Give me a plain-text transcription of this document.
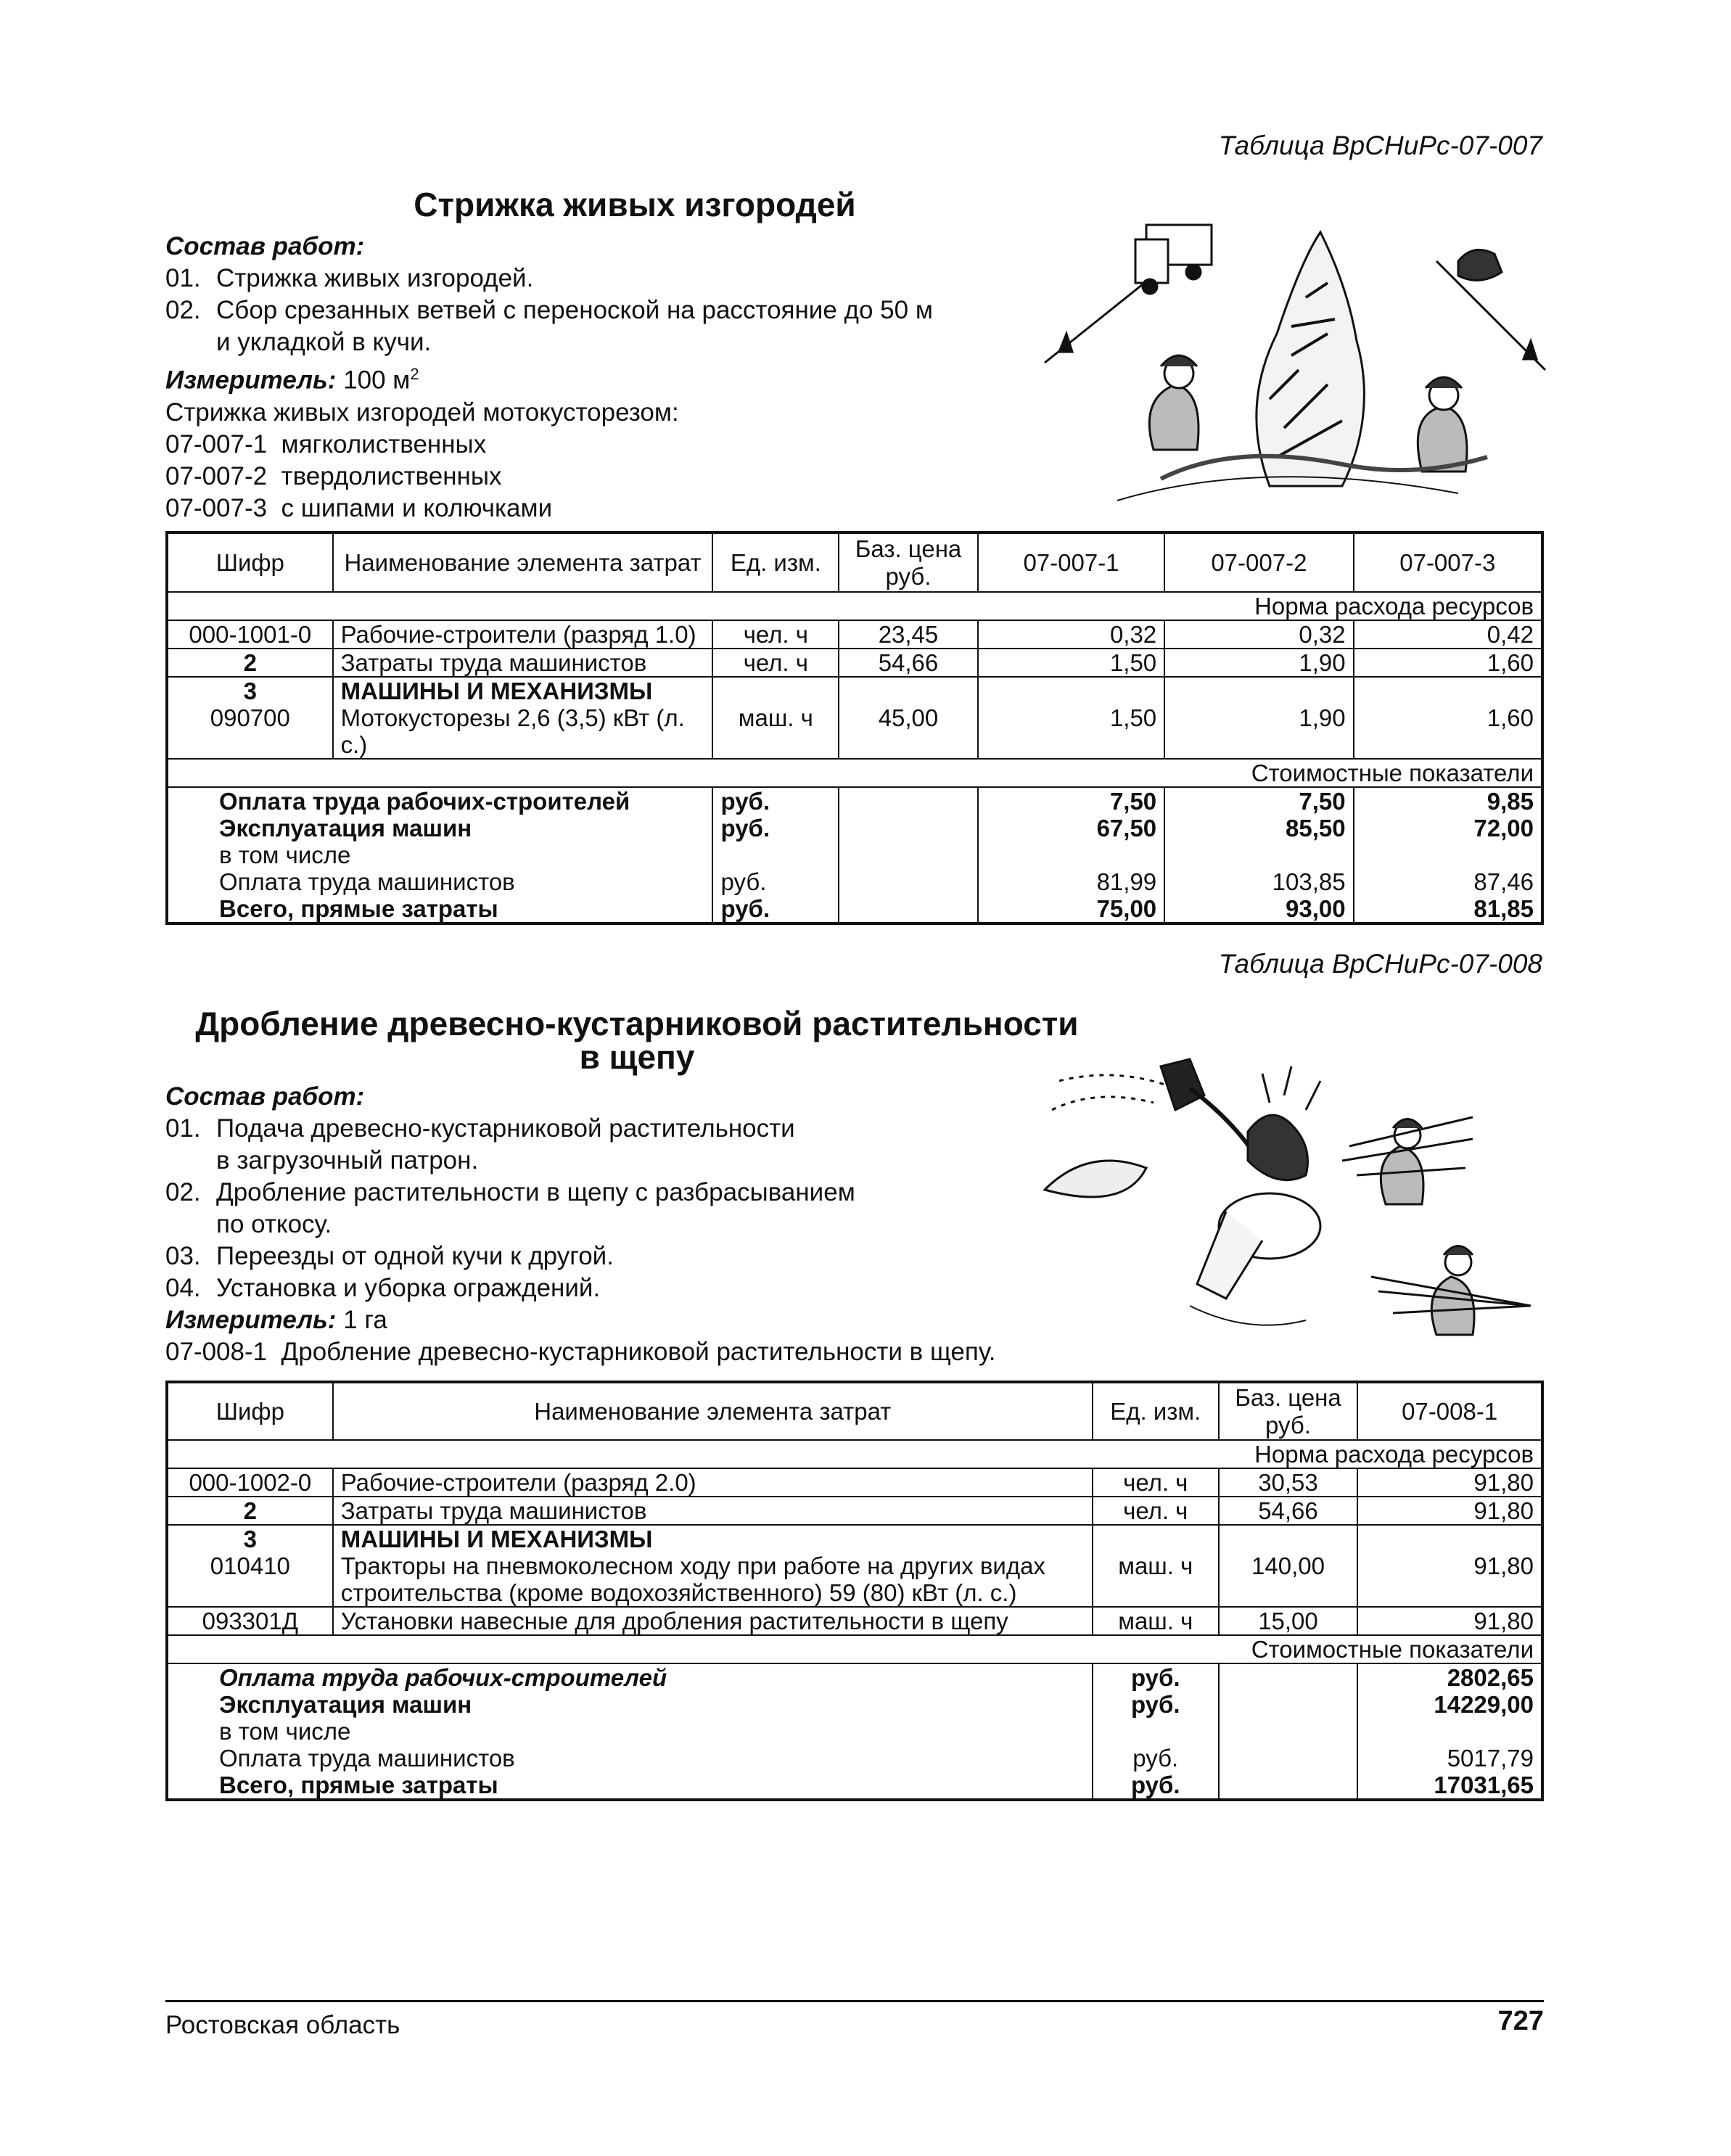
Таблица ВрСНиРс-07-007
Стрижка живых изгородей
Состав работ:
01. Стрижка живых изгородей.
02. Сбор срезанных ветвей с переноской на расстояние до 50 м
и укладкой в кучи.
Измеритель: 100 $м^2$
Стрижка живых изгородей мотокусторезом:
07-007-1  мягколиственных
07-007-2  твердолиственных
07-007-3  с шипами и колючками
Шифр	Наименование элемента затрат	Ед. изм.	Баз. цена руб.	07-007-1	07-007-2	07-007-3
Норма расхода ресурсов						
000-1001-0	Рабочие-строители (разряд 1.0)	чел. ч	23,45	0,32	0,32	0,42
2	Затраты труда машинистов	чел. ч	54,66	1,50	1,90	1,60
3	МАШИНЫ И МЕХАНИЗМЫ					
090700	Мотокусторезы 2,6 (3,5) кВт (л. с.)	маш. ч	45,00	1,50	1,90	1,60
Стоимостные показатели						
Оплата труда рабочих-строителей		руб.		7,50	7,50	9,85
Эксплуатация машин		руб.		67,50	85,50	72,00
в том числе						
Оплата труда машинистов		руб.		81,99	103,85	87,46
Всего, прямые затраты		руб.		75,00	93,00	81,85
Таблица ВрСНиРс-07-008
Дробление древесно-кустарниковой растительности
в щепу
Состав работ:
01. Подача древесно-кустарниковой растительности
в загрузочный патрон.
02. Дробление растительности в щепу с разбрасыванием
по откосу.
03. Переезды от одной кучи к другой.
04. Установка и уборка ограждений.
Измеритель: 1 га
07-008-1  Дробление древесно-кустарниковой растительности в щепу.
Шифр	Наименование элемента затрат	Ед. изм.	Баз. цена руб.	07-008-1
Норма расхода ресурсов				
000-1002-0	Рабочие-строители (разряд 2.0)	чел. ч	30,53	91,80
2	Затраты труда машинистов	чел. ч	54,66	91,80
3	МАШИНЫ И МЕХАНИЗМЫ			
010410	Тракторы на пневмоколесном ходу при работе на других видах	маш. ч	140,00	91,80
	строительства (кроме водохозяйственного) 59 (80) кВт (л. с.)			
093301Д	Установки навесные для дробления растительности в щепу	маш. ч	15,00	91,80
Стоимостные показатели				
Оплата труда рабочих-строителей		руб.		2802,65
Эксплуатация машин		руб.		14229,00
в том числе				
Оплата труда машинистов		руб.		5017,79
Всего, прямые затраты		руб.		17031,65
Ростовская область	727
